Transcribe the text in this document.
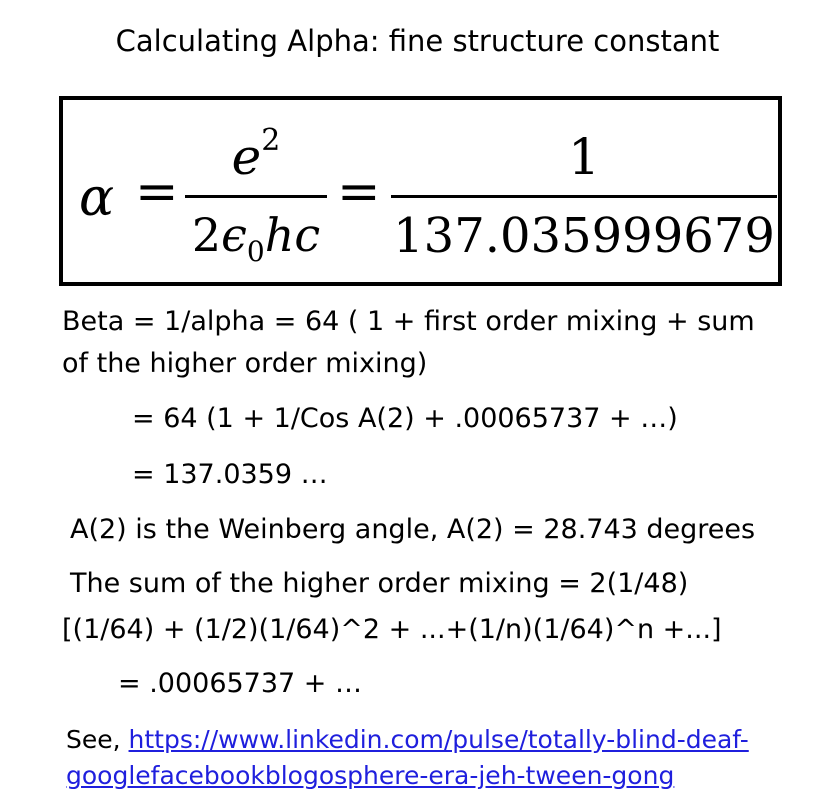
Calculating Alpha: fine structure constant
α =
$e^2$
$2\epsilon_0hc$
=
1
137.035999679
Beta = 1/alpha = 64 ( 1 + first order mixing + sum
of the higher order mixing)
= 64 (1 + 1/Cos A(2) + .00065737 + …)
= 137.0359 …
A(2) is the Weinberg angle, A(2) = 28.743 degrees
The sum of the higher order mixing = 2(1/48)
[(1/64) + (1/2)(1/64)^2 + ...+(1/n)(1/64)^n +...]
= .00065737 + …
See, https://www.linkedin.com/pulse/totally-blind-deaf-
googlefacebookblogosphere-era-jeh-tween-gong
